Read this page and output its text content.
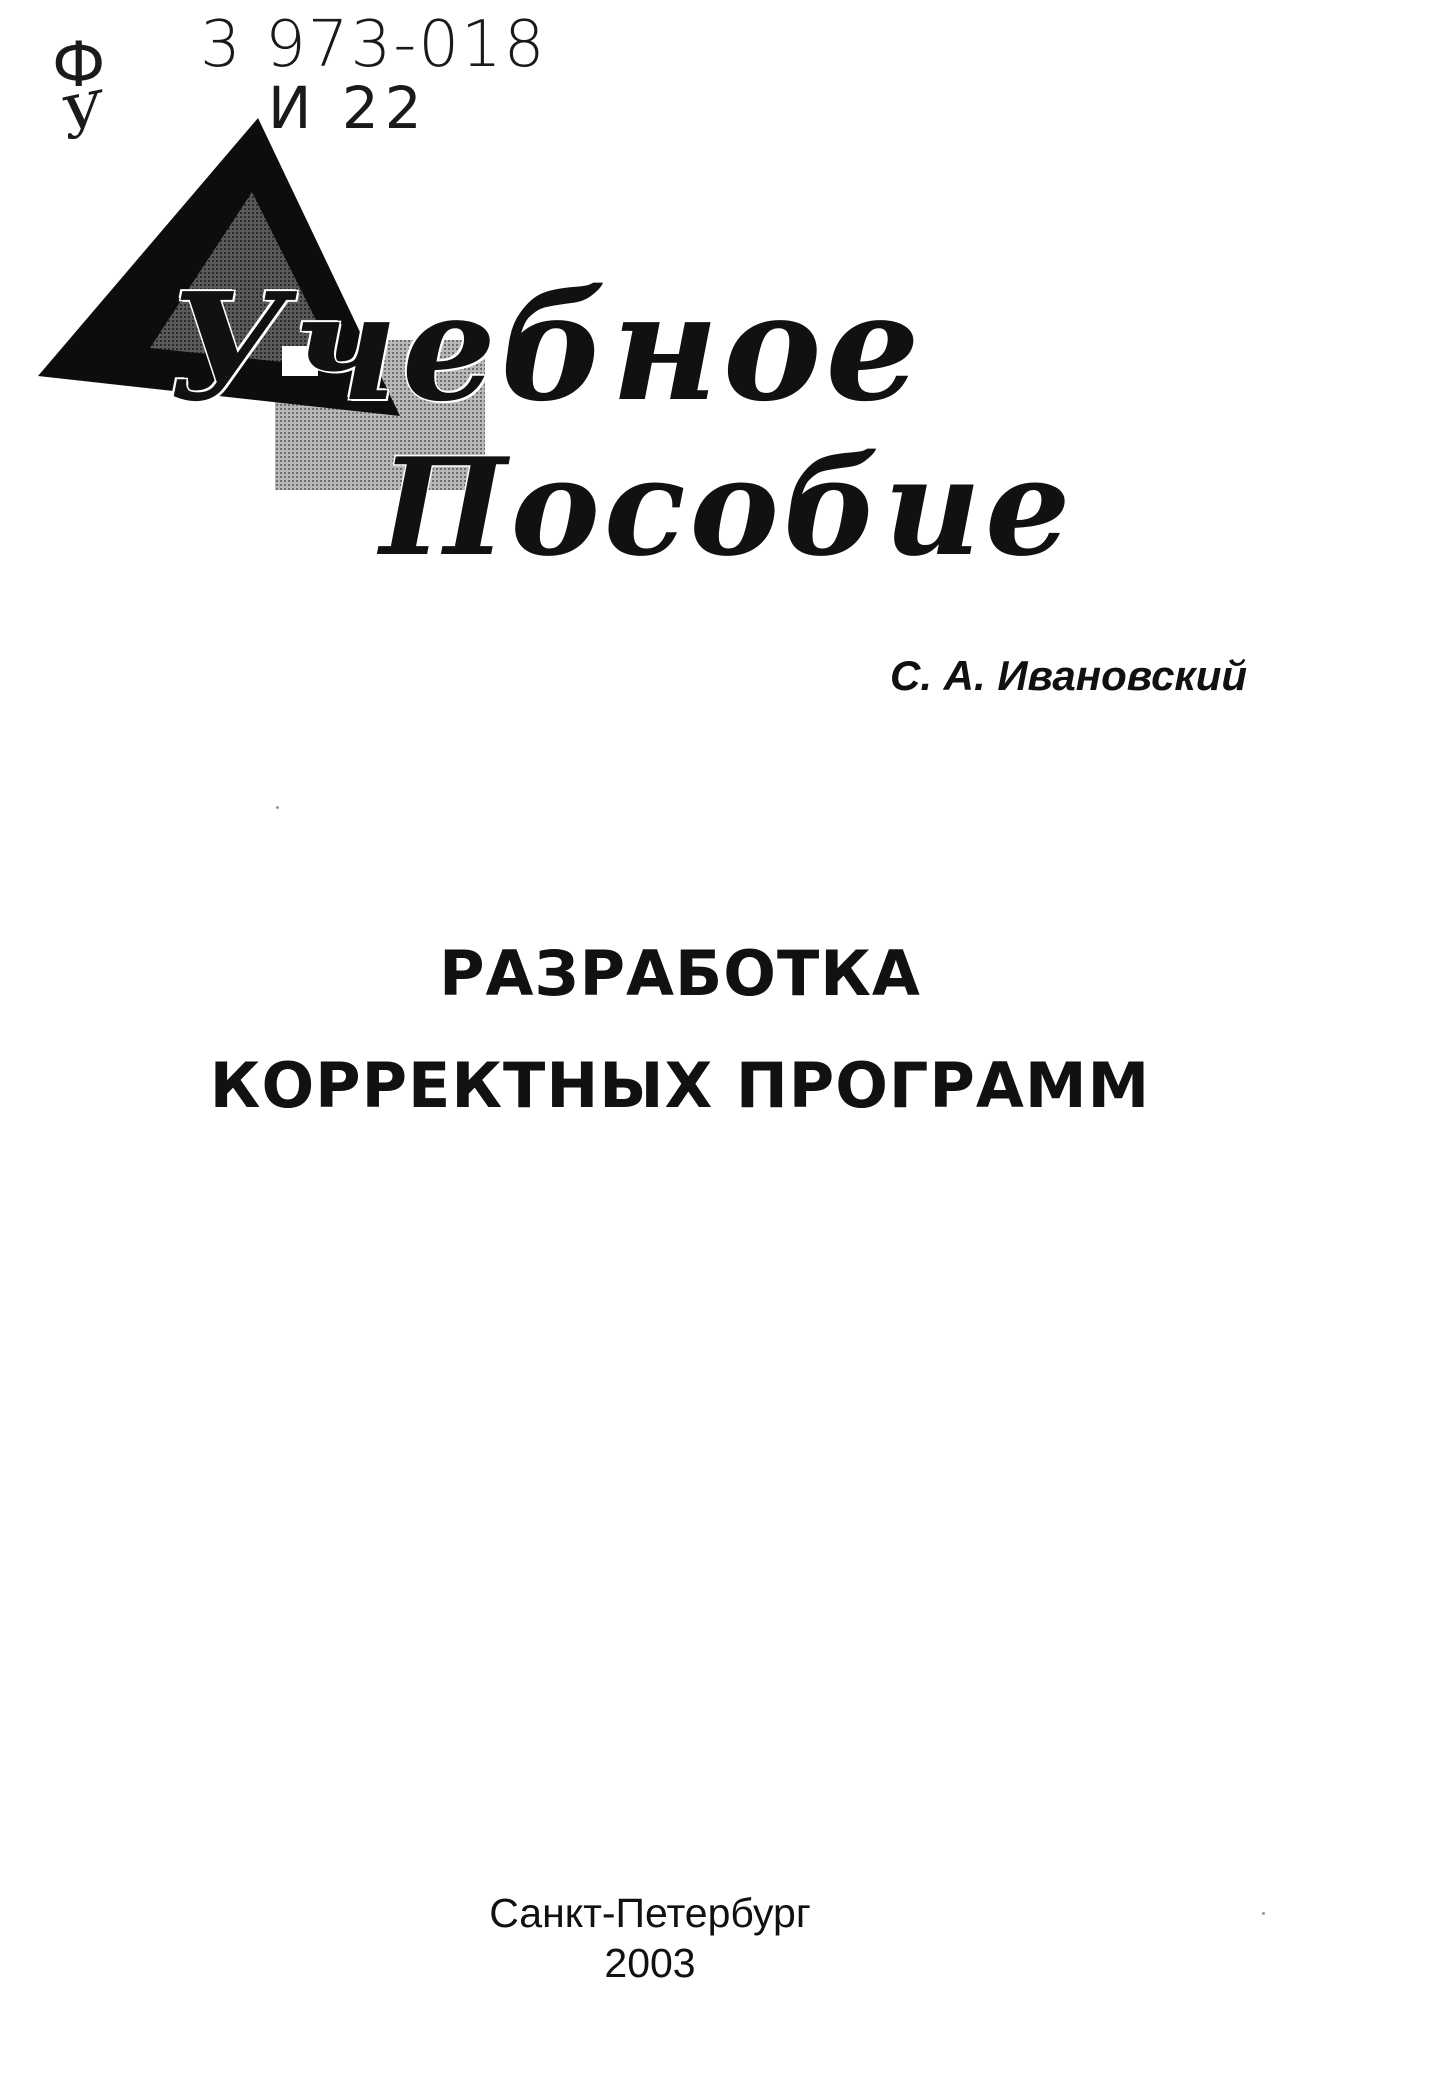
Ф
У
3 973-018
И 22
Учебное
Пособие
С. А. Ивановский
РАЗРАБОТКА
КОРРЕКТНЫХ ПРОГРАММ
Санкт-Петербург
2003
